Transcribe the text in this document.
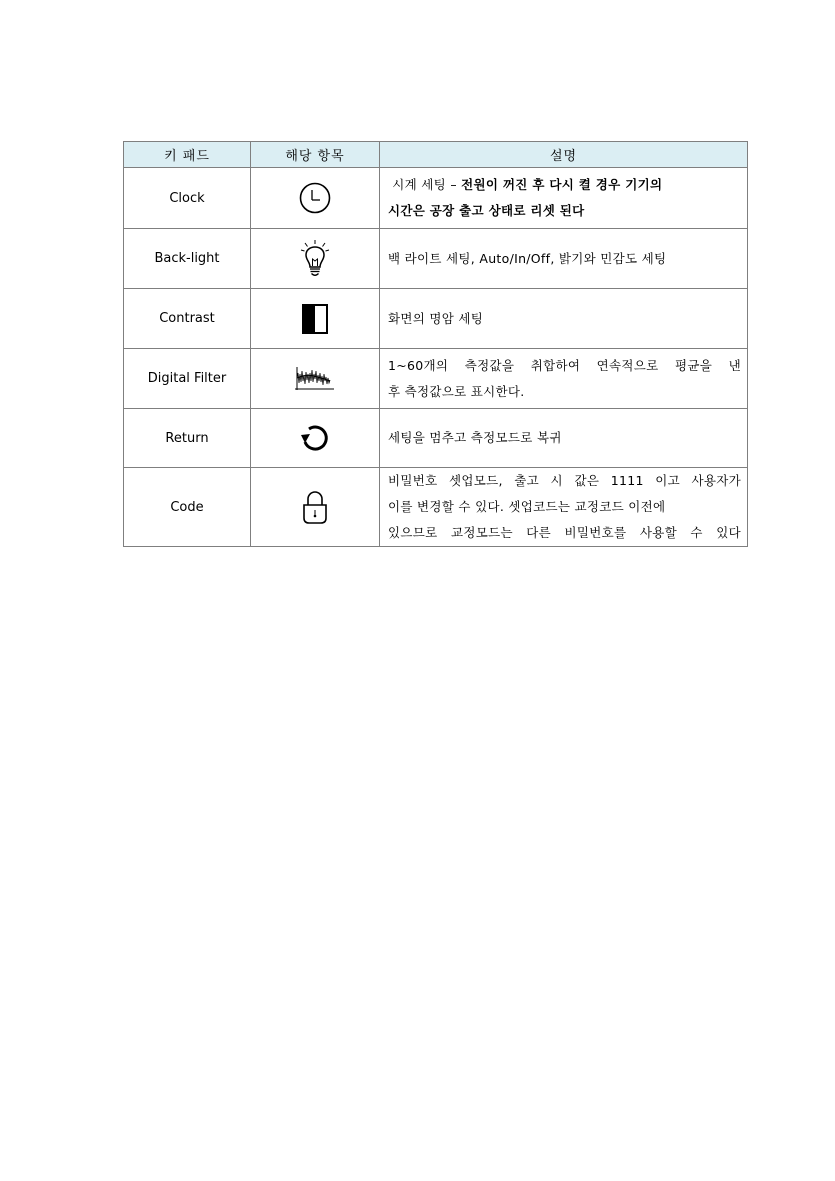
키 패드	해당 항목	설명
Clock		시계 세팅 – 전원이 꺼진 후 다시 켤 경우 기기의
시간은 공장 출고 상태로 리셋 된다

Back-light		백 라이트 세팅, Auto/In/Off, 밝기와 민감도 세팅
Contrast		화면의 명암 세팅
Digital Filter		1~60개의 측정값을 취합하여 연속적으로 평균을 낸
후 측정값으로 표시한다.

Return		세팅을 멈추고 측정모드로 복귀
Code		비밀번호 셋업모드, 출고 시 값은 1111 이고 사용자가
이를 변경할 수 있다. 셋업코드는 교정코드 이전에
있으므로 교정모드는 다른 비밀번호를 사용할 수 있다
